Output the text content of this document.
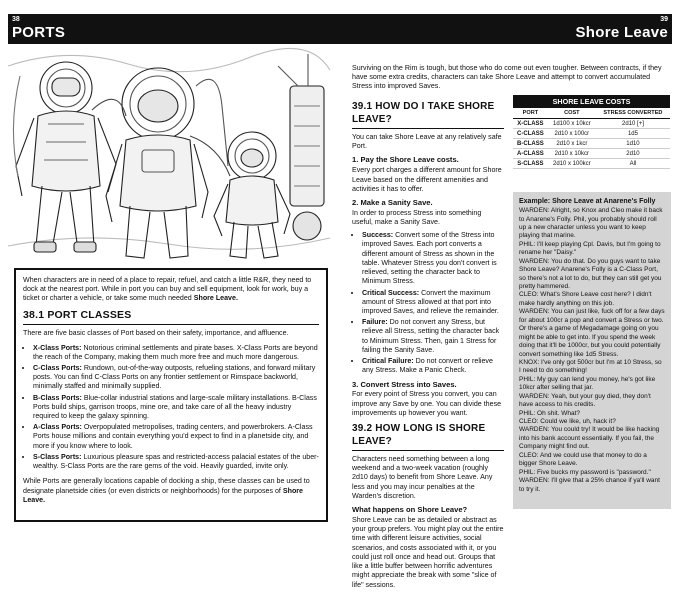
38
PORTS

When characters are in need of a place to repair, refuel, and catch a little R&R, they need to dock at the nearest port. While in port you can buy and sell equipment, look for work, buy a ticket or charter a vehicle, or take some much needed Shore Leave.

38.1 PORT CLASSES

There are five basic classes of Port based on their safety, importance, and affluence.

• X-Class Ports: Notorious criminal settlements and pirate bases. X-Class Ports are beyond the reach of the Company, making them much more free and much more dangerous.
• C-Class Ports: Rundown, out-of-the-way outposts, refueling stations, and forward military posts. You can find C-Class Ports on any frontier settlement or Rimspace backworld, minimally staffed and minimally supplied.
• B-Class Ports: Blue-collar industrial stations and large-scale military installations. B-Class Ports build ships, garrison troops, mine ore, and take care of all the heavy industry required to keep the galaxy spinning.
• A-Class Ports: Overpopulated metropolises, trading centers, and powerbrokers. A-Class Ports house millions and contain everything you'd expect to find in a planetside city, and more if you know where to look.
• S-Class Ports: Luxurious pleasure spas and restricted-access palacial estates of the uber-wealthy. S-Class Ports are the rare gems of the void. Heavily guarded, invite only.

While Ports are generally locations capable of docking a ship, these classes can be used to designate planetside cities (or even districts or neighborhoods) for the purposes of Shore Leave.

39
Shore Leave

Surviving on the Rim is tough, but those who do come out even tougher. Between contracts, if they have some extra credits, characters can take Shore Leave and attempt to convert accumulated Stress into improved Saves.

39.1 HOW DO I TAKE SHORE LEAVE?

You can take Shore Leave at any relatively safe Port.

1. Pay the Shore Leave costs.

Every port charges a different amount for Shore Leave based on the different amenities and activities it has to offer.

2. Make a Sanity Save.

In order to process Stress into something useful, make a Sanity Save.

• Success: Convert some of the Stress into improved Saves. Each port converts a different amount of Stress as shown in the table. Whatever Stress you don't convert is relieved, setting the character back to Minimum Stress.
• Critical Success: Convert the maximum amount of Stress allowed at that port into improved Saves, and relieve the remainder.
• Failure: Do not convert any Stress, but relieve all Stress, setting the character back to Minimum Stress. Then, gain 1 Stress for failing the Sanity Save.
• Critical Failure: Do not convert or relieve any Stress. Make a Panic Check.
3. Convert Stress into Saves.

For every point of Stress you convert, you can improve any Save by one. You can divide these improvements up however you want.

39.2 HOW LONG IS SHORE LEAVE?

Characters need something between a long weekend and a two-week vacation (roughly 2d10 days) to benefit from Shore Leave. Any less and you may incur penalties at the Warden's discretion.

What happens on Shore Leave?

Shore Leave can be as detailed or abstract as your group prefers. You might play out the entire time with different leisure activities, social scenarios, and costs associated with it, or you could just roll once and head out. Groups that like a little buffer between horrific adventures might appreciate the break with some "slice of life" sessions.

SHORE LEAVE COSTS
PORT	COST	STRESS CONVERTED
X-CLASS	1d100 x 10kcr	2d10 [+]
C-CLASS	2d10 x 100cr	1d5
B-CLASS	2d10 x 1kcr	1d10
A-CLASS	2d10 x 10kcr	2d10
S-CLASS	2d10 x 100kcr	All
Example: Shore Leave at Anarene's Folly

WARDEN: Alright, so Knox and Cleo make it back to Anarene's Folly. Phil, you probably should roll up a new character unless you want to keep playing that marine.

PHIL: I'll keep playing Cpl. Davis, but I'm going to rename her "Daisy."

WARDEN: You do that. Do you guys want to take Shore Leave? Anarene's Folly is a C-Class Port, so there's not a lot to do, but they can still get you pretty hammered.

CLEO: What's Shore Leave cost here? I didn't make hardly anything on this job.

WARDEN: You can just like, fuck off for a few days for about 100cr a pop and convert a Stress or two. Or there's a game of Megadamage going on you might be able to get into. If you spend the week doing that it'll be 1000cr, but you could potentially convert something like 1d5 Stress.

KNOX: I've only got 500cr but I'm at 10 Stress, so I need to do something!

PHIL: My guy can lend you money, he's got like 10kcr after selling that jar.

WARDEN: Yeah, but your guy died, they don't have access to his credits.

PHIL: Oh shit. What?

CLEO: Could we like, uh, hack it?

WARDEN: You could try! It would be like hacking into his bank account essentially. If you fail, the Company might find out.

CLEO: And we could use that money to do a bigger Shore Leave.

PHIL: Five bucks my password is "password."

WARDEN: I'll give that a 25% chance if ya'll want to try it.
